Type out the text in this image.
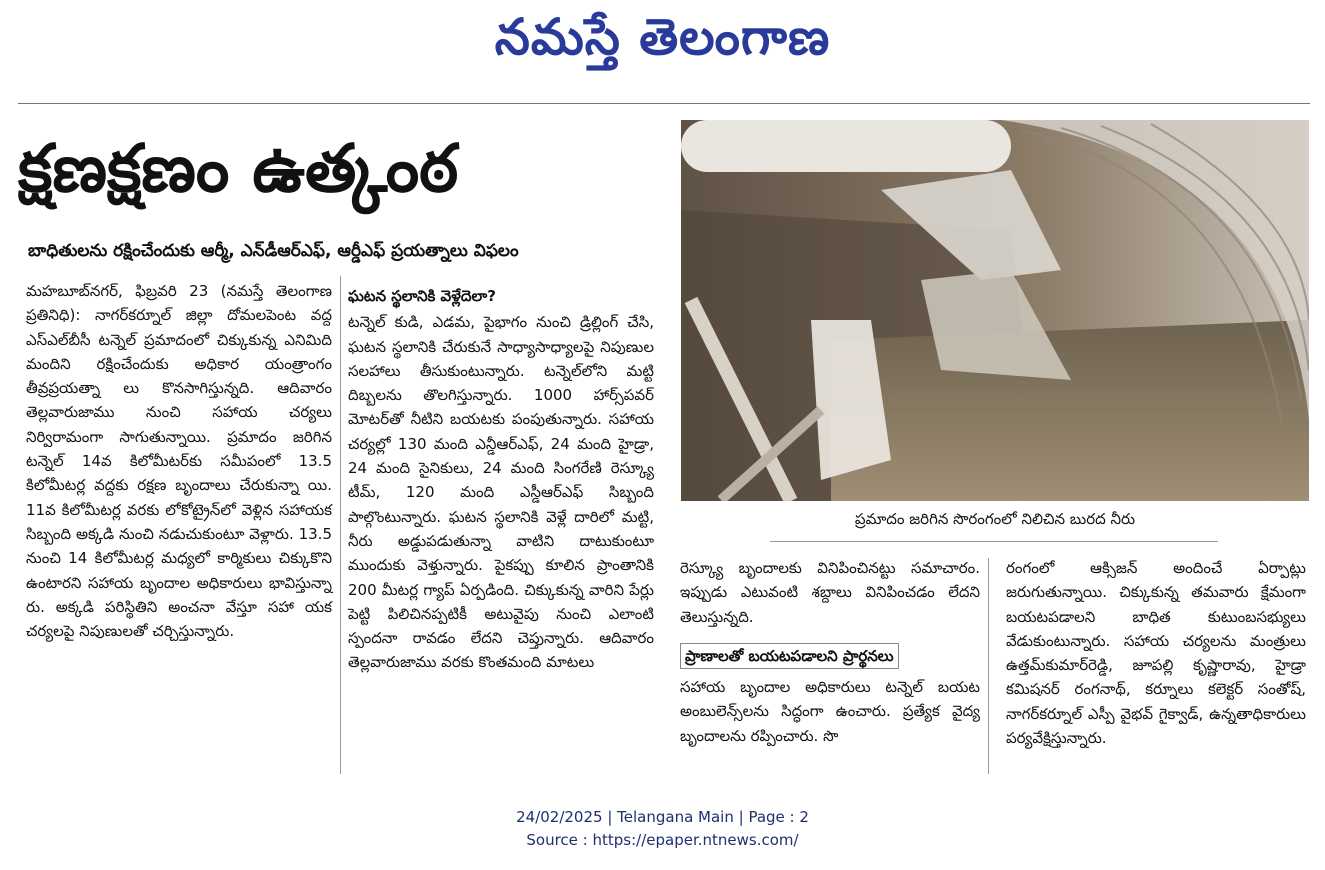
నమస్తే తెలంగాణ
క్షణక్షణం ఉత్కంఠ
బాధితులను రక్షించేందుకు ఆర్మీ, ఎన్‌డీఆర్‌ఎఫ్, ఆర్డీఎఫ్ ప్రయత్నాలు విఫలం

మహబూబ్‌నగర్, ఫిబ్రవరి 23 (నమస్తే తెలంగాణ ప్రతినిధి): నాగర్‌కర్నూల్ జిల్లా దోమలపెంట వద్ద ఎస్ఎల్‌బీసీ టన్నెల్ ప్రమాదంలో చిక్కుకున్న ఎనిమిది మందిని రక్షించేందుకు అధికార యంత్రాంగం తీవ్రప్రయత్నా లు కొనసాగిస్తున్నది. ఆదివారం తెల్లవారుజాము నుంచి సహాయ చర్యలు నిర్విరామంగా సాగుతున్నాయి. ప్రమాదం జరిగిన టన్నెల్ 14వ కిలోమీటర్‌కు సమీపంలో 13.5 కిలోమీటర్ల వద్దకు రక్షణ బృందాలు చేరుకున్నా యి. 11వ కిలోమీటర్ల వరకు లోకోట్రైన్‌లో వెళ్లిన సహాయక సిబ్బంది అక్కడి నుంచి నడుచుకుంటూ వెళ్లారు. 13.5 నుంచి 14 కిలోమీటర్ల మధ్యలో కార్మికులు చిక్కుకొని ఉంటారని సహాయ బృందాల అధికారులు భావిస్తున్నా రు. అక్కడి పరిస్థితిని అంచనా వేస్తూ సహా యక చర్యలపై నిపుణులతో చర్చిస్తున్నారు.

ఘటన స్థలానికి వెళ్లేదెలా?

టన్నెల్ కుడి, ఎడమ, పైభాగం నుంచి డ్రిల్లింగ్ చేసి, ఘటన స్థలానికి చేరుకునే సాధ్యాసాధ్యాలపై నిపుణుల సలహాలు తీసుకుంటున్నారు. టన్నెల్‌లోని మట్టి దిబ్బలను తొలగిస్తున్నారు. 1000 హార్స్‌పవర్ మోటర్‌తో నీటిని బయటకు పంపుతున్నారు. సహాయ చర్యల్లో 130 మంది ఎన్డీఆర్ఎఫ్, 24 మంది హైడ్రా, 24 మంది సైనికులు, 24 మంది సింగరేణి రెస్క్యూ టీమ్, 120 మంది ఎస్డీఆర్ఎఫ్ సిబ్బంది పాల్గొంటున్నారు. ఘటన స్థలానికి వెళ్లే దారిలో మట్టి, నీరు అడ్డుపడుతున్నా వాటిని దాటుకుంటూ ముందుకు వెళ్తున్నారు. పైకప్పు కూలిన ప్రాంతానికి 200 మీటర్ల గ్యాప్ ఏర్పడింది. చిక్కుకున్న వారిని పేర్లు పెట్టి పిలిచినప్పటికీ అటువైపు నుంచి ఎలాంటి స్పందనా రావడం లేదని చెప్తున్నారు. ఆదివారం తెల్లవారుజాము వరకు కొంతమంది మాటలు

ప్రమాదం జరిగిన సొరంగంలో నిలిచిన బురద నీరు

రెస్క్యూ బృందాలకు వినిపించినట్టు సమాచారం. ఇప్పుడు ఎటువంటి శబ్దాలు వినిపించడం లేదని తెలుస్తున్నది.

ప్రాణాలతో బయటపడాలని ప్రార్థనలు

సహాయ బృందాల అధికారులు టన్నెల్ బయట అంబులెన్స్‌లను సిద్ధంగా ఉంచారు. ప్రత్యేక వైద్య బృందాలను రప్పించారు. సొ

రంగంలో ఆక్సిజన్ అందించే ఏర్పాట్లు జరుగుతున్నాయి. చిక్కుకున్న తమవారు క్షేమంగా బయటపడాలని బాధిత కుటుంబసభ్యులు వేడుకుంటున్నారు. సహాయ చర్యలను మంత్రులు ఉత్తమ్‌కుమార్‌రెడ్డి, జూపల్లి కృష్ణారావు, హైడ్రా కమిషనర్ రంగనాథ్, కర్నూలు కలెక్టర్ సంతోష్, నాగర్‌కర్నూల్ ఎస్పీ వైభవ్ గైక్వాడ్, ఉన్నతాధికారులు పర్యవేక్షిస్తున్నారు.

24/02/2025 | Telangana Main | Page : 2
Source : https://epaper.ntnews.com/
